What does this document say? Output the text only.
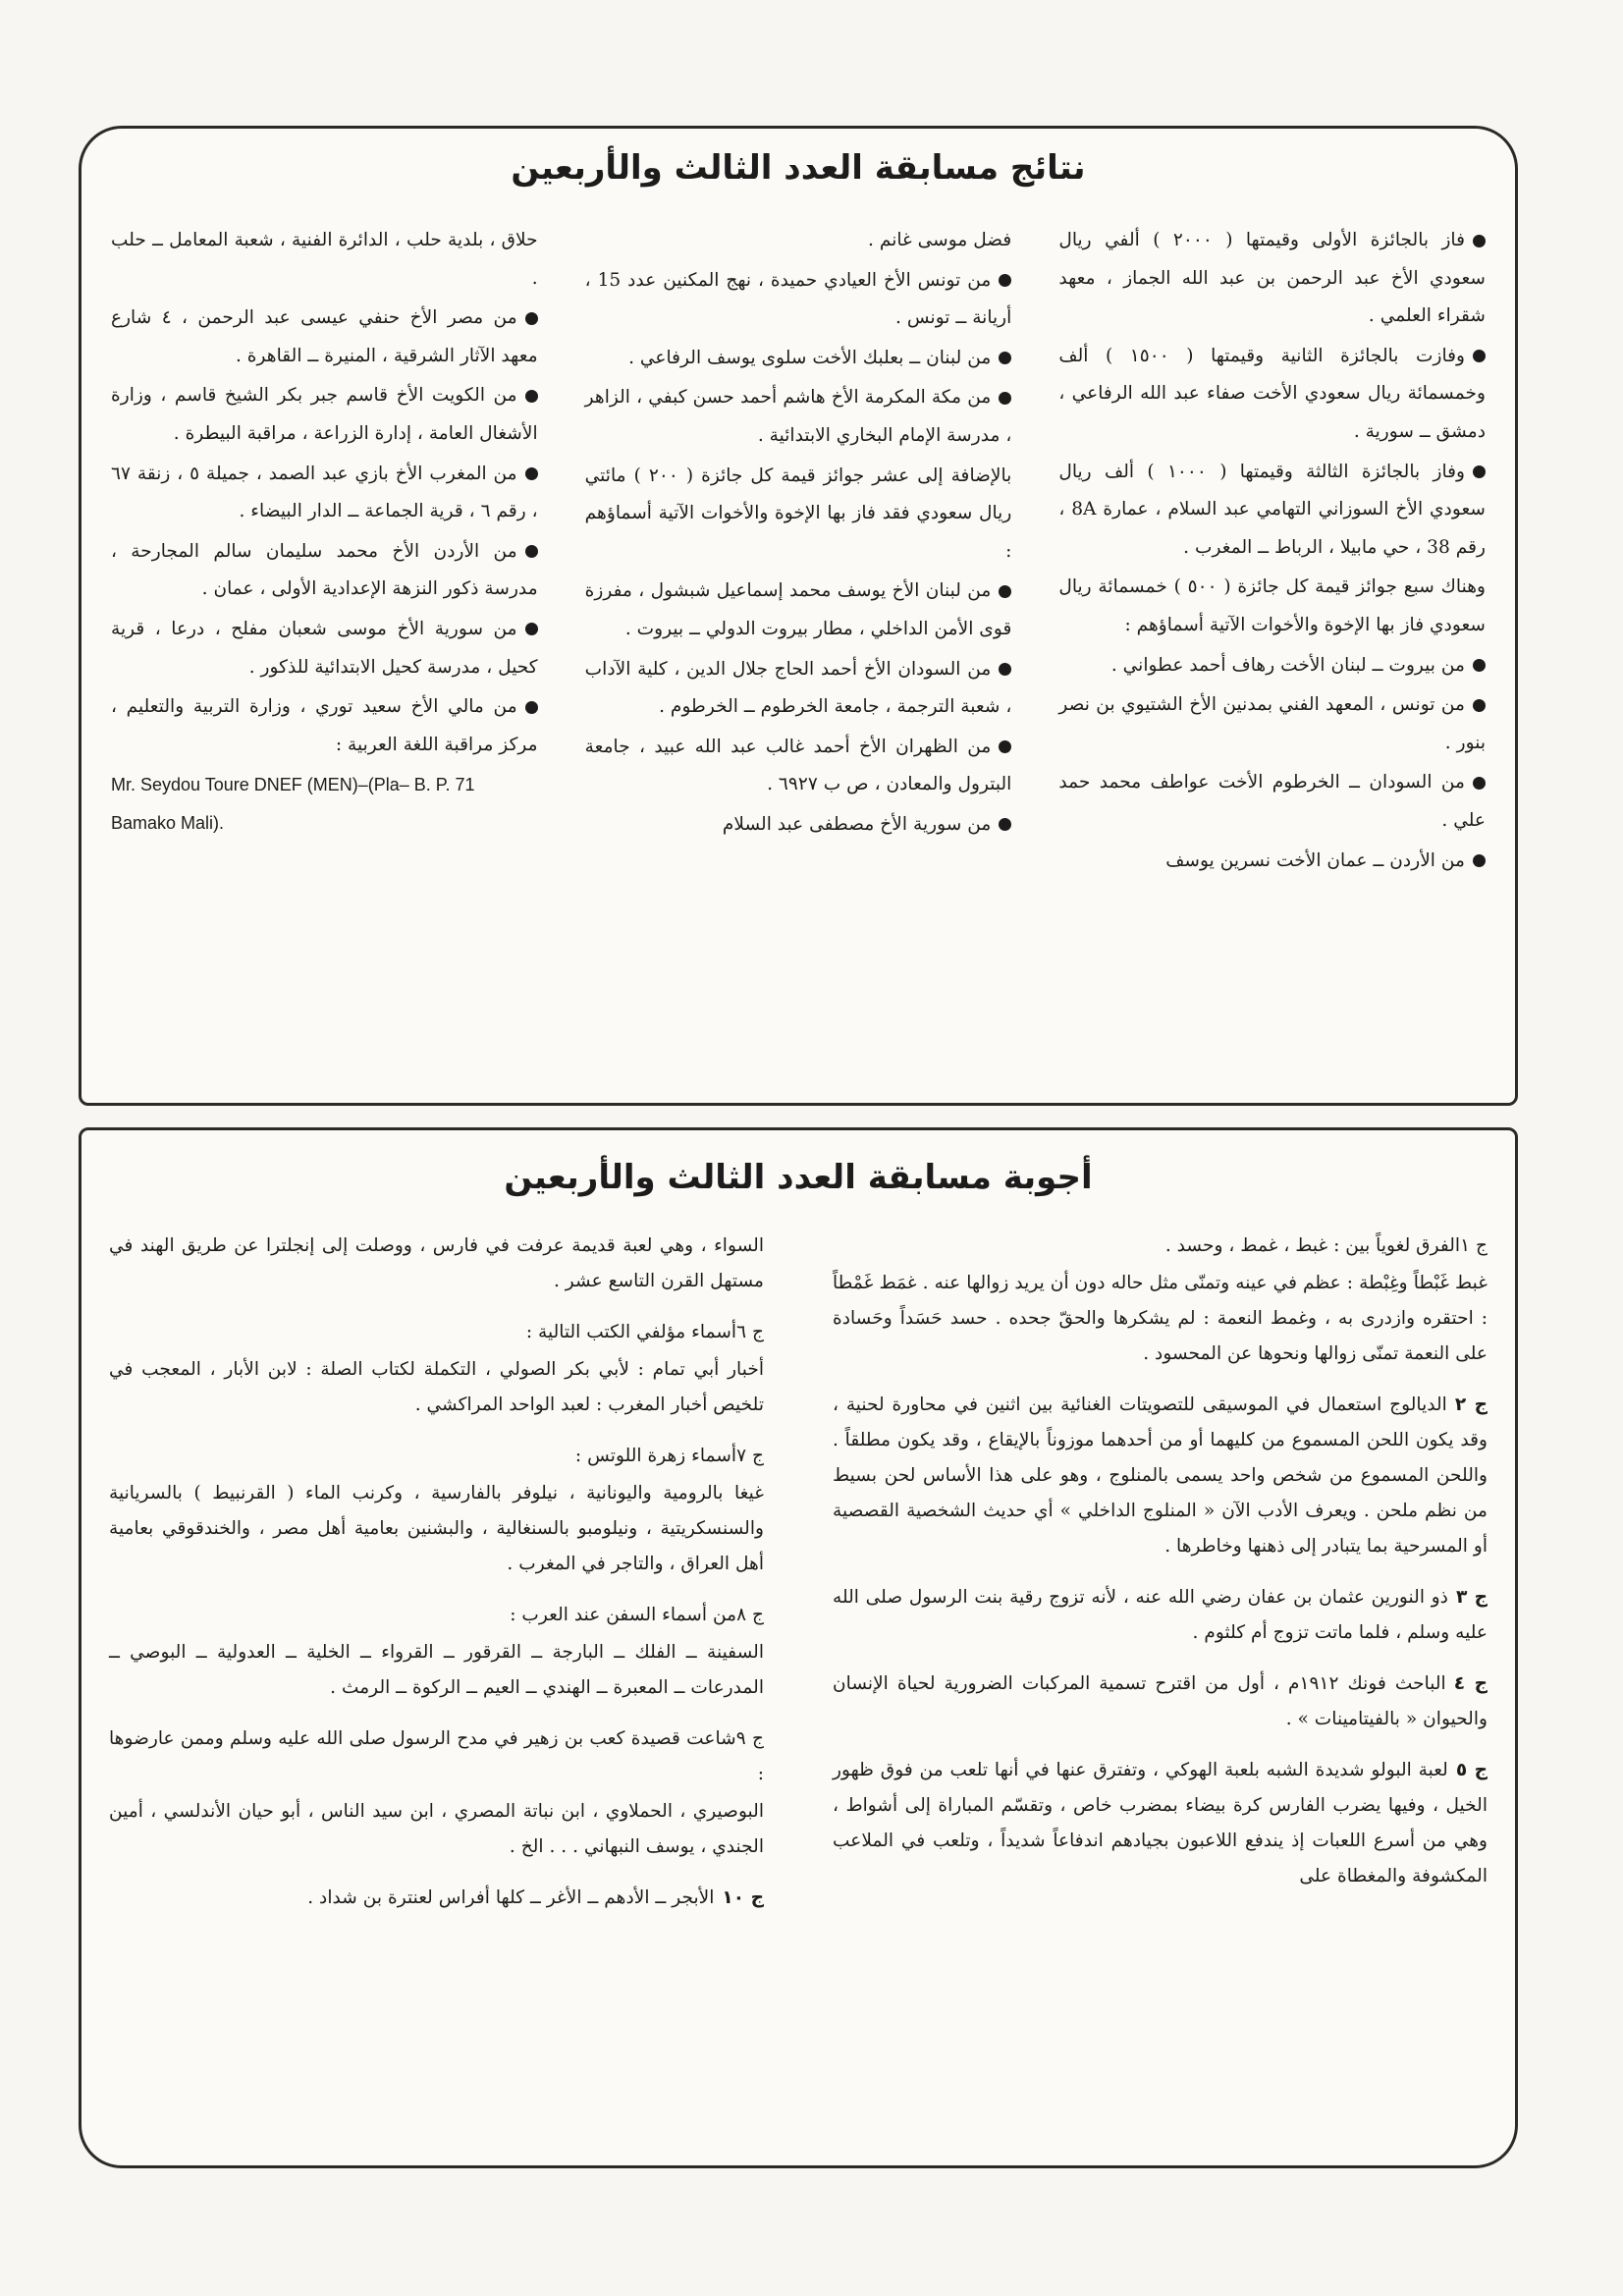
نتائج مسابقة العدد الثالث والأربعين
فاز بالجائزة الأولى وقيمتها ( ٢٠٠٠ ) ألفي ريال سعودي الأخ عبد الرحمن بن عبد الله الجماز ، معهد شقراء العلمي .
وفازت بالجائزة الثانية وقيمتها ( ١٥٠٠ ) ألف وخمسمائة ريال سعودي الأخت صفاء عبد الله الرفاعي ، دمشق ــ سورية .
وفاز بالجائزة الثالثة وقيمتها ( ١٠٠٠ ) ألف ريال سعودي الأخ السوزاني التهامي عبد السلام ، عمارة 8A ، رقم 38 ، حي مابيلا ، الرباط ــ المغرب .
وهناك سبع جوائز قيمة كل جائزة ( ٥٠٠ ) خمسمائة ريال سعودي فاز بها الإخوة والأخوات الآتية أسماؤهم :
من بيروت ــ لبنان الأخت رهاف أحمد عطواني .
من تونس ، المعهد الفني بمدنين الأخ الشتيوي بن نصر بنور .
من السودان ــ الخرطوم الأخت عواطف محمد حمد علي .
من الأردن ــ عمان الأخت نسرين يوسف
فضل موسى غانم .
من تونس الأخ العيادي حميدة ، نهج المكنين عدد 15 ، أريانة ــ تونس .
من لبنان ــ بعلبك الأخت سلوى يوسف الرفاعي .
من مكة المكرمة الأخ هاشم أحمد حسن كبفي ، الزاهر ، مدرسة الإمام البخاري الابتدائية .
بالإضافة إلى عشر جوائز قيمة كل جائزة ( ٢٠٠ ) مائتي ريال سعودي فقد فاز بها الإخوة والأخوات الآتية أسماؤهم :
من لبنان الأخ يوسف محمد إسماعيل شبشول ، مفرزة قوى الأمن الداخلي ، مطار بيروت الدولي ــ بيروت .
من السودان الأخ أحمد الحاج جلال الدين ، كلية الآداب ، شعبة الترجمة ، جامعة الخرطوم ــ الخرطوم .
من الظهران الأخ أحمد غالب عبد الله عبيد ، جامعة البترول والمعادن ، ص ب ٦٩٢٧ .
من سورية الأخ مصطفى عبد السلام
حلاق ، بلدية حلب ، الدائرة الفنية ، شعبة المعامل ــ حلب .
من مصر الأخ حنفي عيسى عبد الرحمن ، ٤ شارع معهد الآثار الشرقية ، المنيرة ــ القاهرة .
من الكويت الأخ قاسم جبر بكر الشيخ قاسم ، وزارة الأشغال العامة ، إدارة الزراعة ، مراقبة البيطرة .
من المغرب الأخ بازي عبد الصمد ، جميلة ٥ ، زنقة ٦٧ ، رقم ٦ ، قرية الجماعة ــ الدار البيضاء .
من الأردن الأخ محمد سليمان سالم المجارحة ، مدرسة ذكور النزهة الإعدادية الأولى ، عمان .
من سورية الأخ موسى شعبان مفلح ، درعا ، قرية كحيل ، مدرسة كحيل الابتدائية للذكور .
من مالي الأخ سعيد توري ، وزارة التربية والتعليم ، مركز مراقبة اللغة العربية :
Mr. Seydou Toure DNEF (MEN)–(Pla– B. P. 71 Bamako Mali).
أجوبة مسابقة العدد الثالث والأربعين
ج ١الفرق لغوياً بين : غبط ، غمط ، وحسد .
غبط غَبْطاً وغِبْطة : عظم في عينه وتمنّى مثل حاله دون أن يريد زوالها عنه . غمَط غَمْطاً : احتقره وازدرى به ، وغمط النعمة : لم يشكرها والحقّ جحده . حسد حَسَداً وحَسادة على النعمة تمنّى زوالها ونحوها عن المحسود .
ج ٢الديالوج استعمال في الموسيقى للتصويتات الغنائية بين اثنين في محاورة لحنية ، وقد يكون اللحن المسموع من كليهما أو من أحدهما موزوناً بالإيقاع ، وقد يكون مطلقاً . واللحن المسموع من شخص واحد يسمى بالمنلوج ، وهو على هذا الأساس لحن بسيط من نظم ملحن . ويعرف الأدب الآن « المنلوج الداخلي » أي حديث الشخصية القصصية أو المسرحية بما يتبادر إلى ذهنها وخاطرها .
ج ٣ذو النورين عثمان بن عفان رضي الله عنه ، لأنه تزوج رقية بنت الرسول صلى الله عليه وسلم ، فلما ماتت تزوج أم كلثوم .
ج ٤الباحث فونك ١٩١٢م ، أول من اقترح تسمية المركبات الضرورية لحياة الإنسان والحيوان « بالفيتامينات » .
ج ٥لعبة البولو شديدة الشبه بلعبة الهوكي ، وتفترق عنها في أنها تلعب من فوق ظهور الخيل ، وفيها يضرب الفارس كرة بيضاء بمضرب خاص ، وتقسّم المباراة إلى أشواط ، وهي من أسرع اللعبات إذ يندفع اللاعبون بجيادهم اندفاعاً شديداً ، وتلعب في الملاعب المكشوفة والمغطاة على
السواء ، وهي لعبة قديمة عرفت في فارس ، ووصلت إلى إنجلترا عن طريق الهند في مستهل القرن التاسع عشر .
ج ٦أسماء مؤلفي الكتب التالية :
أخبار أبي تمام : لأبي بكر الصولي ، التكملة لكتاب الصلة : لابن الأبار ، المعجب في تلخيص أخبار المغرب : لعبد الواحد المراكشي .
ج ٧أسماء زهرة اللوتس :
غيغا بالرومية واليونانية ، نيلوفر بالفارسية ، وكرنب الماء ( القرنبيط ) بالسريانية والسنسكريتية ، ونيلومبو بالسنغالية ، والبشنين بعامية أهل مصر ، والخندقوقي بعامية أهل العراق ، والتاجر في المغرب .
ج ٨من أسماء السفن عند العرب :
السفينة ــ الفلك ــ البارجة ــ القرقور ــ القرواء ــ الخلية ــ العدولية ــ البوصي ــ المدرعات ــ المعبرة ــ الهندي ــ العيم ــ الركوة ــ الرمث .
ج ٩شاعت قصيدة كعب بن زهير في مدح الرسول صلى الله عليه وسلم وممن عارضوها :
البوصيري ، الحملاوي ، ابن نباتة المصري ، ابن سيد الناس ، أبو حيان الأندلسي ، أمين الجندي ، يوسف النبهاني . . . الخ .
ج ١٠الأبجر ــ الأدهم ــ الأغر ــ كلها أفراس لعنترة بن شداد .
